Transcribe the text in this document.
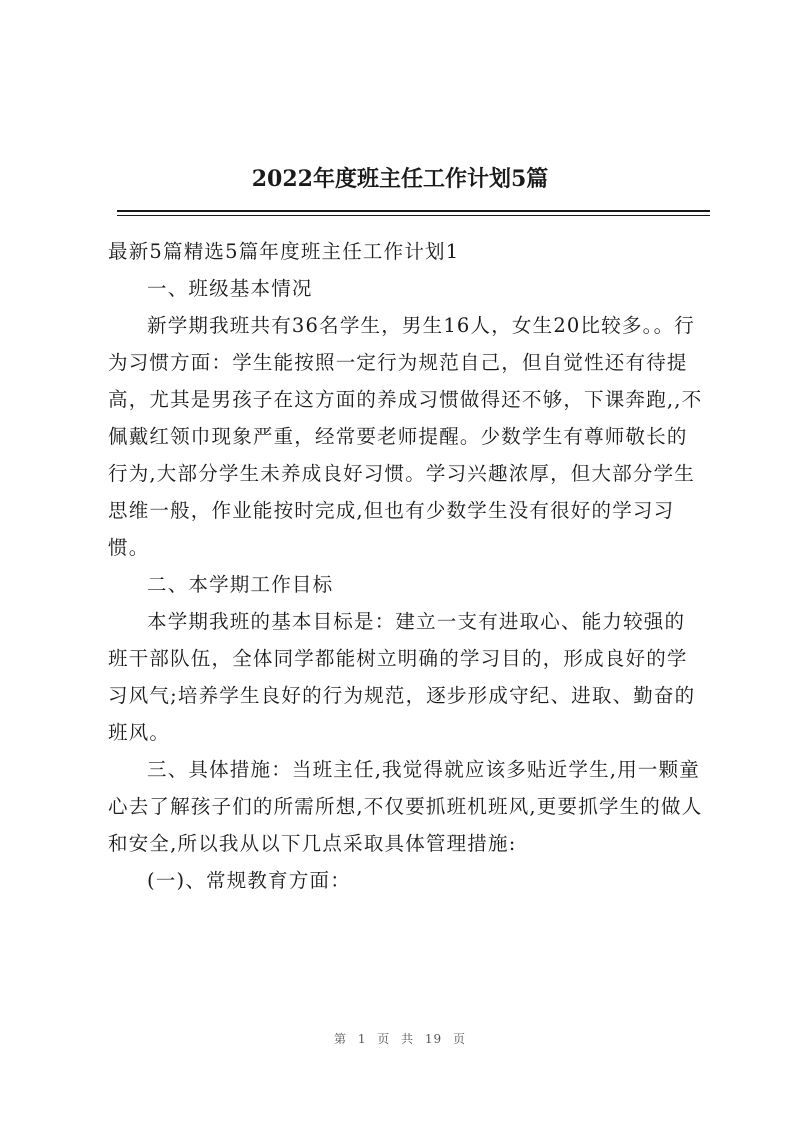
2022年度班主任工作计划5篇

最新5篇精选5篇年度班主任工作计划1

一、班级基本情况

新学期我班共有36名学生，男生16人，女生20比较多。。行为习惯方面：学生能按照一定行为规范自己，但自觉性还有待提高，尤其是男孩子在这方面的养成习惯做得还不够，下课奔跑,,不佩戴红领巾现象严重，经常要老师提醒。少数学生有尊师敬长的行为,大部分学生未养成良好习惯。学习兴趣浓厚，但大部分学生思维一般，作业能按时完成,但也有少数学生没有很好的学习习惯。

二、本学期工作目标

本学期我班的基本目标是：建立一支有进取心、能力较强的班干部队伍，全体同学都能树立明确的学习目的，形成良好的学习风气;培养学生良好的行为规范，逐步形成守纪、进取、勤奋的班风。

三、具体措施：当班主任,我觉得就应该多贴近学生,用一颗童心去了解孩子们的所需所想,不仅要抓班机班风,更要抓学生的做人和安全,所以我从以下几点采取具体管理措施:

(一)、常规教育方面：

第 1 页 共 19 页
